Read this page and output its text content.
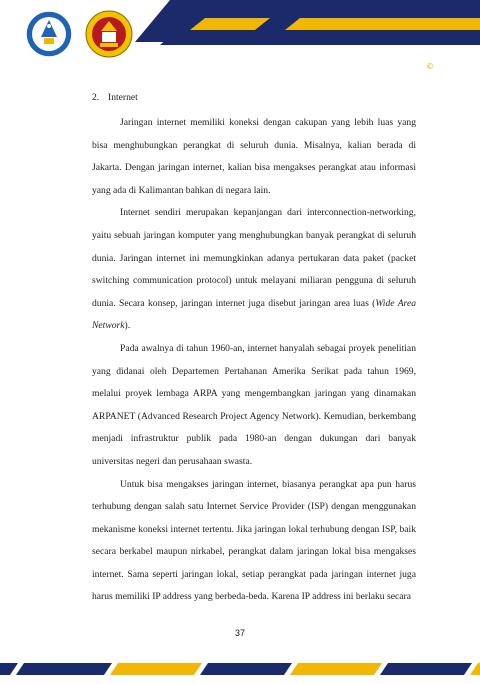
©
2. Internet

Jaringan internet memiliki koneksi dengan cakupan yang lebih luas yang bisa menghubungkan perangkat di seluruh dunia. Misalnya, kalian berada di Jakarta. Dengan jaringan internet, kalian bisa mengakses perangkat atau informasi yang ada di Kalimantan bahkan di negara lain.

Internet sendiri merupakan kepanjangan dari interconnection-networking, yaitu sebuah jaringan komputer yang menghubungkan banyak perangkat di seluruh dunia. Jaringan internet ini memungkinkan adanya pertukaran data paket (packet switching communication protocol) untuk melayani miliaran pengguna di seluruh dunia. Secara konsep, jaringan internet juga disebut jaringan area luas (Wide Area Network).

Pada awalnya di tahun 1960-an, internet hanyalah sebagai proyek penelitian yang didanai oleh Departemen Pertahanan Amerika Serikat pada tahun 1969, melalui proyek lembaga ARPA yang mengembangkan jaringan yang dinamakan ARPANET (Advanced Research Project Agency Network). Kemudian, berkembang menjadi infrastruktur publik pada 1980-an dengan dukungan dari banyak universitas negeri dan perusahaan swasta.

Untuk bisa mengakses jaringan internet, biasanya perangkat apa pun harus terhubung dengan salah satu Internet Service Provider (ISP) dengan menggunakan mekanisme koneksi internet tertentu. Jika jaringan lokal terhubung dengan ISP, baik secara berkabel maupun nirkabel, perangkat dalam jaringan lokal bisa mengakses internet. Sama seperti jaringan lokal, setiap perangkat pada jaringan internet juga harus memiliki IP address yang berbeda-beda. Karena IP address ini berlaku secara

37
